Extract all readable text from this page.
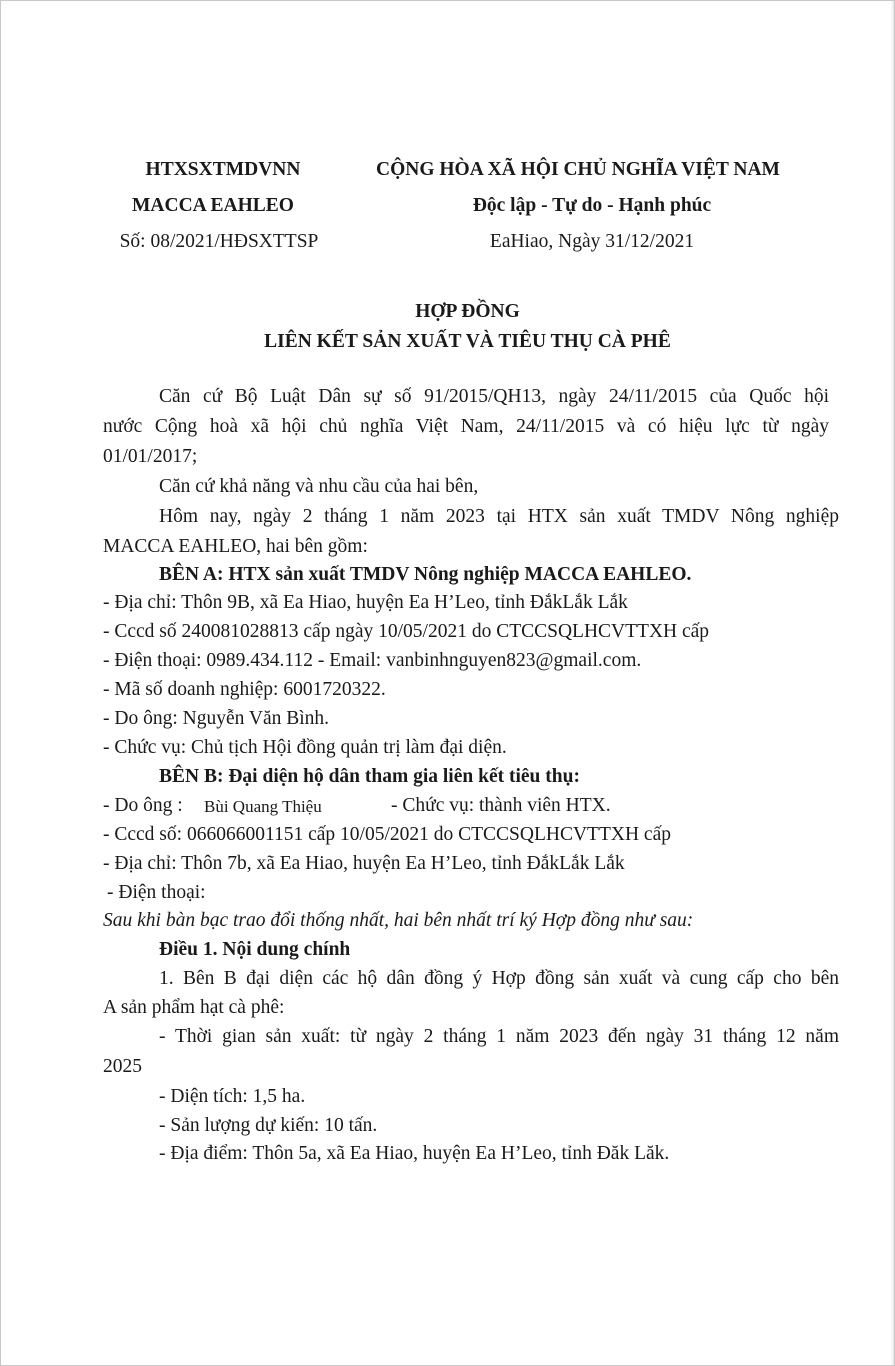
HTXSXTMDVNN
MACCA EAHLEO
Số: 08/2021/HĐSXTTSP
CỘNG HÒA XÃ HỘI CHỦ NGHĨA VIỆT NAM
Độc lập - Tự do - Hạnh phúc
EaHiao, Ngày 31/12/2021
HỢP ĐỒNG
LIÊN KẾT SẢN XUẤT VÀ TIÊU THỤ CÀ PHÊ
Căn cứ Bộ Luật Dân sự số 91/2015/QH13, ngày 24/11/2015 của Quốc hội
nước Cộng hoà xã hội chủ nghĩa Việt Nam, 24/11/2015 và có hiệu lực từ ngày
01/01/2017;
Căn cứ khả năng và nhu cầu của hai bên,
Hôm nay, ngày 2 tháng 1 năm 2023 tại HTX sản xuất TMDV Nông nghiệp
MACCA EAHLEO, hai bên gồm:
BÊN A: HTX sản xuất TMDV Nông nghiệp MACCA EAHLEO.
- Địa chỉ: Thôn 9B, xã Ea Hiao, huyện Ea H’Leo, tỉnh ĐắkLắk Lắk
- Cccd số 240081028813 cấp ngày 10/05/2021 do CTCCSQLHCVTTXH cấp
- Điện thoại: 0989.434.112 - Email: vanbinhnguyen823@gmail.com.
- Mã số doanh nghiệp: 6001720322.
- Do ông: Nguyễn Văn Bình.
- Chức vụ: Chủ tịch Hội đồng quản trị làm đại diện.
BÊN B: Đại diện hộ dân tham gia liên kết tiêu thụ:
- Do ông : Bùi Quang Thiệu	- Chức vụ: thành viên HTX.
- Cccd số: 066066001151 cấp 10/05/2021 do CTCCSQLHCVTTXH cấp
- Địa chỉ: Thôn 7b, xã Ea Hiao, huyện Ea H’Leo, tỉnh ĐắkLắk Lắk
- Điện thoại:
Sau khi bàn bạc trao đổi thống nhất, hai bên nhất trí ký Hợp đồng như sau:
Điều 1. Nội dung chính
1. Bên B đại diện các hộ dân đồng ý Hợp đồng sản xuất và cung cấp cho bên
A sản phẩm hạt cà phê:
- Thời gian sản xuất: từ ngày 2 tháng 1 năm 2023 đến ngày 31 tháng 12 năm
2025
- Diện tích: 1,5 ha.
- Sản lượng dự kiến: 10 tấn.
- Địa điểm: Thôn 5a, xã Ea Hiao, huyện Ea H’Leo, tỉnh Đăk Lăk.
